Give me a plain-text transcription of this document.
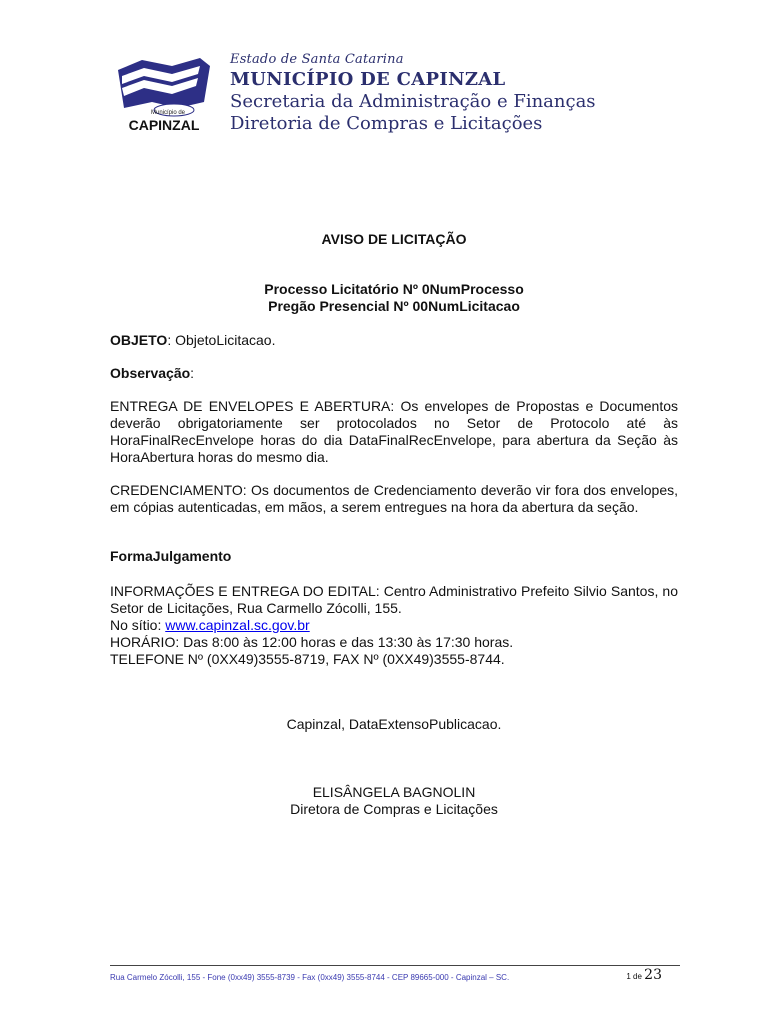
Município de
CAPINZAL
Estado de Santa Catarina
MUNICÍPIO DE CAPINZAL
Secretaria da Administração e Finanças
Diretoria de Compras e Licitações
AVISO DE LICITAÇÃO
Processo Licitatório Nº 0NumProcesso
Pregão Presencial Nº 00NumLicitacao
OBJETO: ObjetoLicitacao.
Observação:
ENTREGA DE ENVELOPES E ABERTURA: Os envelopes de Propostas e Documentos deverão obrigatoriamente ser protocolados no Setor de Protocolo até às HoraFinalRecEnvelope horas do dia DataFinalRecEnvelope, para abertura da Seção às HoraAbertura horas do mesmo dia.
CREDENCIAMENTO: Os documentos de Credenciamento deverão vir fora dos envelopes, em cópias autenticadas, em mãos, a serem entregues na hora da abertura da seção.
FormaJulgamento
INFORMAÇÕES E ENTREGA DO EDITAL: Centro Administrativo Prefeito Silvio Santos, no Setor de Licitações, Rua Carmello Zócolli, 155.
No sítio: www.capinzal.sc.gov.br
HORÁRIO: Das 8:00 às 12:00 horas e das 13:30 às 17:30 horas.
TELEFONE Nº (0XX49)3555-8719, FAX Nº (0XX49)3555-8744.
Capinzal, DataExtensoPublicacao.
ELISÂNGELA BAGNOLIN
Diretora de Compras e Licitações
Rua Carmelo Zócolli, 155 - Fone (0xx49) 3555-8739 - Fax (0xx49) 3555-8744 - CEP 89665-000 - Capinzal – SC.	1 de 23
